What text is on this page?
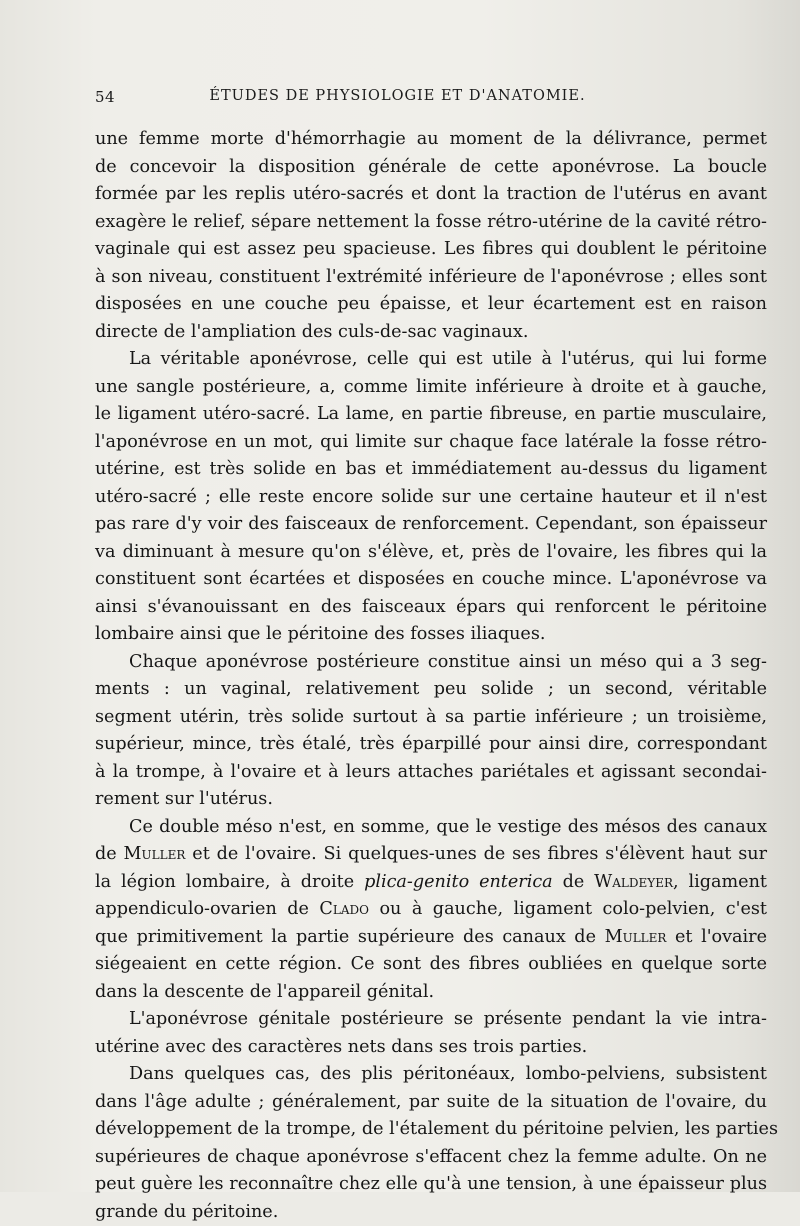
54	ÉTUDES DE PHYSIOLOGIE ET D'ANATOMIE.
une femme morte d'hémorrhagie au moment de la délivrance, permet
de concevoir la disposition générale de cette aponévrose. La boucle
formée par les replis utéro-sacrés et dont la traction de l'utérus en avant
exagère le relief, sépare nettement la fosse rétro-utérine de la cavité rétro-
vaginale qui est assez peu spacieuse. Les fibres qui doublent le péritoine
à son niveau, constituent l'extrémité inférieure de l'aponévrose ; elles sont
disposées en une couche peu épaisse, et leur écartement est en raison
directe de l'ampliation des culs-de-sac vaginaux.
La véritable aponévrose, celle qui est utile à l'utérus, qui lui forme
une sangle postérieure, a, comme limite inférieure à droite et à gauche,
le ligament utéro-sacré. La lame, en partie fibreuse, en partie musculaire,
l'aponévrose en un mot, qui limite sur chaque face latérale la fosse rétro-
utérine, est très solide en bas et immédiatement au-dessus du ligament
utéro-sacré ; elle reste encore solide sur une certaine hauteur et il n'est
pas rare d'y voir des faisceaux de renforcement. Cependant, son épaisseur
va diminuant à mesure qu'on s'élève, et, près de l'ovaire, les fibres qui la
constituent sont écartées et disposées en couche mince. L'aponévrose va
ainsi s'évanouissant en des faisceaux épars qui renforcent le péritoine
lombaire ainsi que le péritoine des fosses iliaques.
Chaque aponévrose postérieure constitue ainsi un méso qui a 3 seg-
ments : un vaginal, relativement peu solide ; un second, véritable
segment utérin, très solide surtout à sa partie inférieure ; un troisième,
supérieur, mince, très étalé, très éparpillé pour ainsi dire, correspondant
à la trompe, à l'ovaire et à leurs attaches pariétales et agissant secondai-
rement sur l'utérus.
Ce double méso n'est, en somme, que le vestige des mésos des canaux
de Muller et de l'ovaire. Si quelques-unes de ses fibres s'élèvent haut sur
la légion lombaire, à droite plica-genito enterica de Waldeyer, ligament
appendiculo-ovarien de Clado ou à gauche, ligament colo-pelvien, c'est
que primitivement la partie supérieure des canaux de Muller et l'ovaire
siégeaient en cette région. Ce sont des fibres oubliées en quelque sorte
dans la descente de l'appareil génital.
L'aponévrose génitale postérieure se présente pendant la vie intra-
utérine avec des caractères nets dans ses trois parties.
Dans quelques cas, des plis péritonéaux, lombo-pelviens, subsistent
dans l'âge adulte ; généralement, par suite de la situation de l'ovaire, du
développement de la trompe, de l'étalement du péritoine pelvien, les parties
supérieures de chaque aponévrose s'effacent chez la femme adulte. On ne
peut guère les reconnaître chez elle qu'à une tension, à une épaisseur plus
grande du péritoine.
